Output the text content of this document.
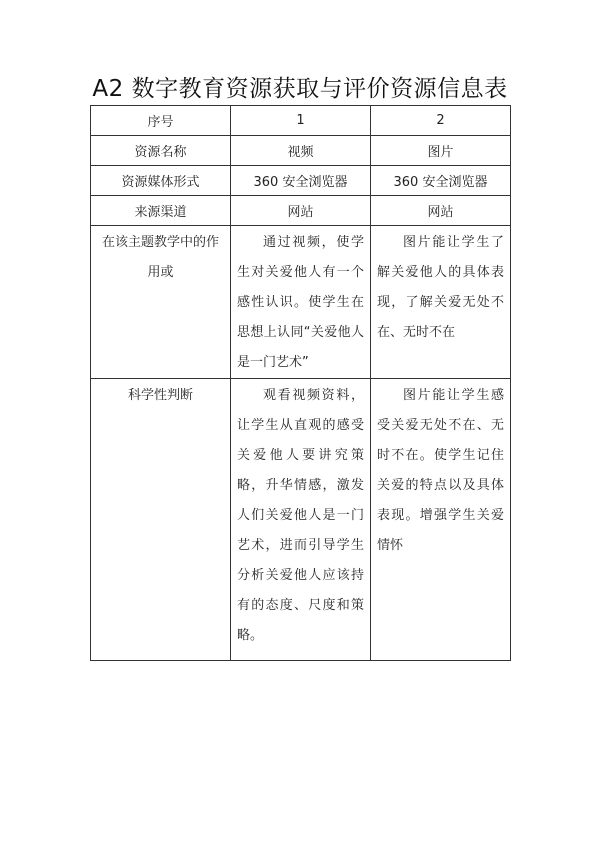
A2 数字教育资源获取与评价资源信息表
序号	1	2
资源名称	视频	图片
资源媒体形式	360 安全浏览器	360 安全浏览器
来源渠道	网站	网站

在该主题教学中的作用或	通过视频，使学生对关爱他人有一个感性认识。使学生在思想上认同“关爱他人是一门艺术”	图片能让学生了解关爱他人的具体表现，了解关爱无处不在、无时不在

科学性判断	观看视频资料，让学生从直观的感受关爱他人要讲究策略，升华情感，激发人们关爱他人是一门艺术，进而引导学生分析关爱他人应该持有的态度、尺度和策略。	图片能让学生感受关爱无处不在、无时不在。使学生记住关爱的特点以及具体表现。增强学生关爱情怀
